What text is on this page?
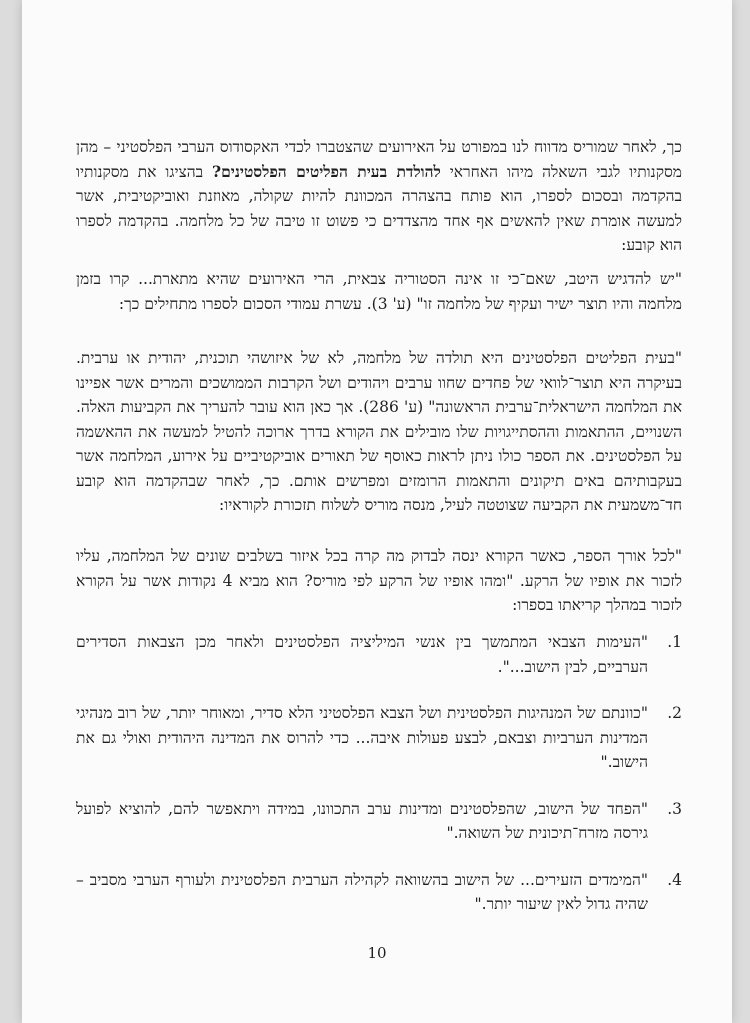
כך, לאחר שמוריס מדווח לנו במפורט על האירועים שהצטברו לכדי האקסודוס הערבי הפלסטיני – מהן מסקנותיו לגבי השאלה מיהו האחראי להולדת בעית הפליטים הפלסטינים? בהציגו את מסקנותיו בהקדמה ובסכום לספרו, הוא פותח בהצהרה המכוונת להיות שקולה, מאוזנת ואוביקטיבית, אשר למעשה אומרת שאין להאשים אף אחד מהצדדים כי פשוט זו טיבה של כל מלחמה. בהקדמה לספרו הוא קובע:

"יש להדגיש היטב, שאם־כי זו אינה הסטוריה צבאית, הרי האירועים שהיא מתארת... קרו בזמן מלחמה והיו תוצר ישיר ועקיף של מלחמה זו" (ע' 3). עשרת עמודי הסכום לספרו מתחילים כך:

"בעית הפליטים הפלסטינים היא תולדה של מלחמה, לא של איזושהי תוכנית, יהודית או ערבית. בעיקרה היא תוצר־לוואי של פחדים שחוו ערבים ויהודים ושל הקרבות הממושכים והמרים אשר אפיינו את המלחמה הישראלית־ערבית הראשונה" (ע' 286). אך כאן הוא עובר להעריך את הקביעות האלה. השנויים, ההתאמות וההסתייגויות שלו מובילים את הקורא בדרך ארוכה להטיל למעשה את ההאשמה על הפלסטינים. את הספר כולו ניתן לראות כאוסף של תאורים אוביקטיביים על אירוע, המלחמה אשר בעקבותיהם באים תיקונים והתאמות הרומזים ומפרשים אותם. כך, לאחר שבהקדמה הוא קובע חד־משמעית את הקביעה שצוטטה לעיל, מנסה מוריס לשלוח תזכורת לקוראיו:

"לכל אורך הספר, כאשר הקורא ינסה לבדוק מה קרה בכל איזור בשלבים שונים של המלחמה, עליו לזכור את אופיו של הרקע. "ומהו אופיו של הרקע לפי מוריס? הוא מביא 4 נקודות אשר על הקורא לזכור במהלך קריאתו בספרו:

1.
"העימות הצבאי המתמשך בין אנשי המיליציה הפלסטינים ולאחר מכן הצבאות הסדירים הערביים, לבין הישוב...".
2.
"כוונתם של המנהיגות הפלסטינית ושל הצבא הפלסטיני הלא סדיר, ומאוחר יותר, של רוב מנהיגי המדינות הערביות וצבאם, לבצע פעולות איבה... כדי להרוס את המדינה היהודית ואולי גם את הישוב."
3.
"הפחד של הישוב, שהפלסטינים ומדינות ערב התכוונו, במידה ויתאפשר להם, להוציא לפועל גירסה מזרח־תיכונית של השואה."
4.
"המימדים הזעירים... של הישוב בהשוואה לקהילה הערבית הפלסטינית ולעורף הערבי מסביב – שהיה גדול לאין שיעור יותר."
10
